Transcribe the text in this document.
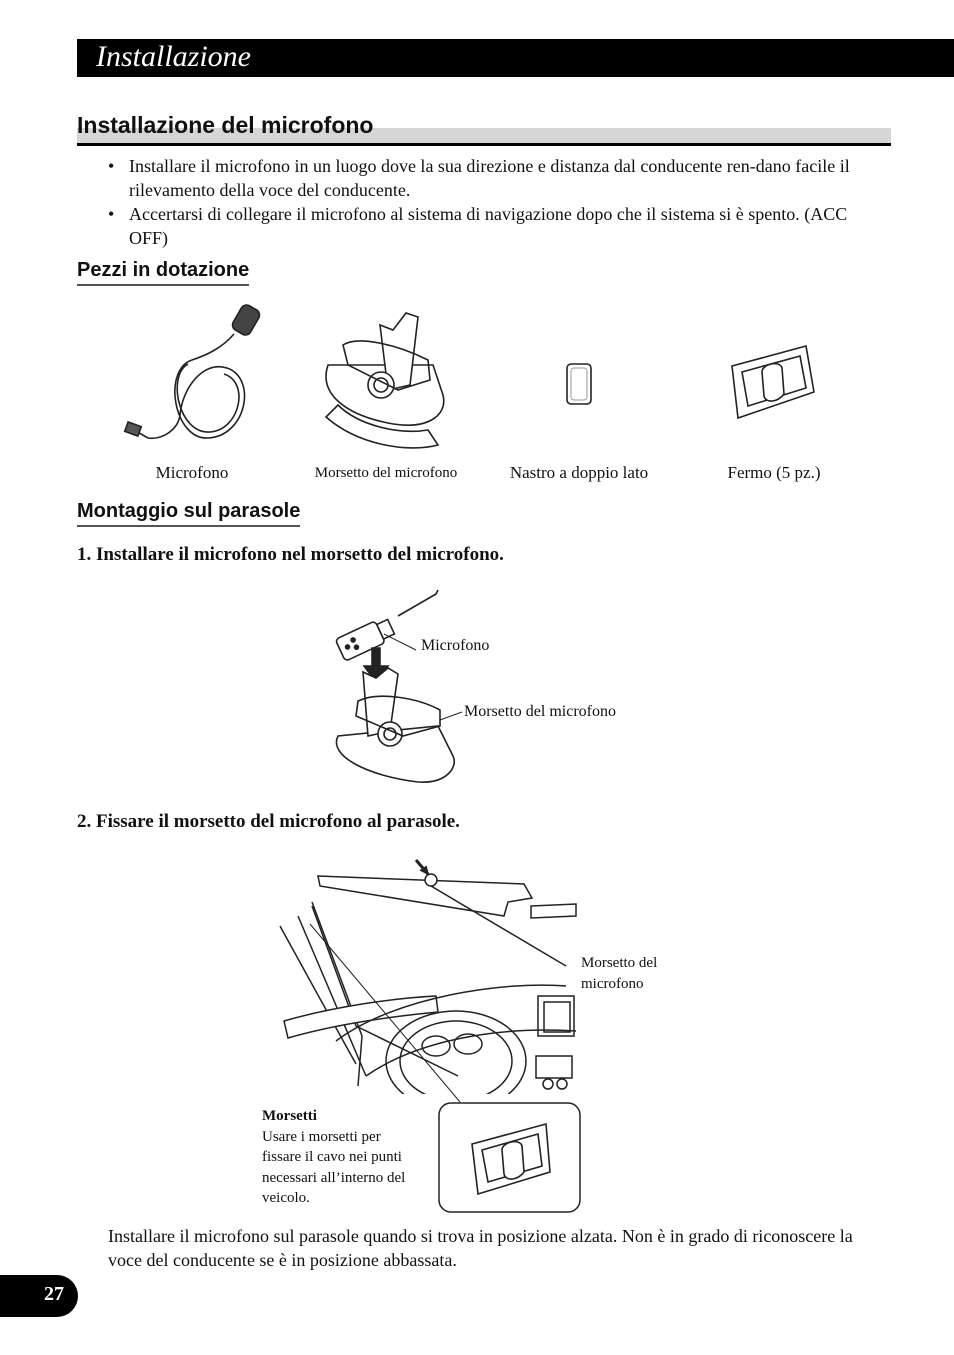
Installazione
Installazione del microfono
• Installare il microfono in un luogo dove la sua direzione e distanza dal conducente ren-dano facile il rilevamento della voce del conducente.
• Accertarsi di collegare il microfono al sistema di navigazione dopo che il sistema si è spento. (ACC OFF)
Pezzi in dotazione
Microfono	Morsetto del microfono	Nastro a doppio lato	Fermo (5 pz.)
Montaggio sul parasole
1. Installare il microfono nel morsetto del microfono.
Microfono
Morsetto del microfono
2. Fissare il morsetto del microfono al parasole.
Morsetto del
microfono
Morsetti
Usare i morsetti per
fissare il cavo nei punti
necessari all’interno del
veicolo.
Installare il microfono sul parasole quando si trova in posizione alzata. Non è in grado di riconoscere la voce del conducente se è in posizione abbassata.
27
